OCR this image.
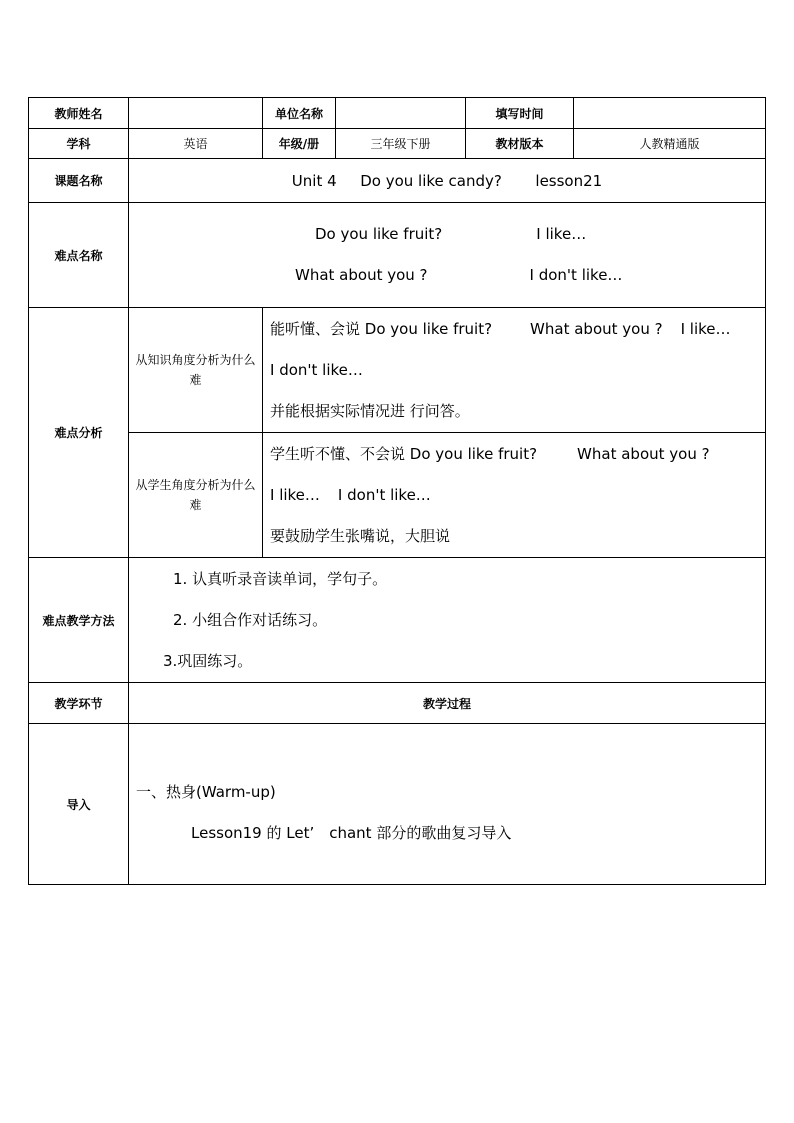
教师姓名		单位名称		填写时间	
学科	英语	年级/册	三年级下册	教材版本	人教精通版
课题名称	Unit 4 Do you like candy? lesson21				
难点名称	Do you like fruit? I like…
What about you ? I don't like…				

难点分析	从知识角度分析为什么难	能听懂、会说 Do you like fruit? What about you ? I like…
I don't like…
并能根据实际情况进 行问答。			

	从学生角度分析为什么难	学生听不懂、不会说 Do you like fruit? What about you ?
I like… I don't like…
要鼓励学生张嘴说，大胆说			

难点教学方法	1. 认真听录音读单词，学句子。
2. 小组合作对话练习。
3.巩固练习。				

教学环节	教学过程				
导入	一、热身(Warm-up)
Lesson19 的 Let’　chant 部分的歌曲复习导入				
